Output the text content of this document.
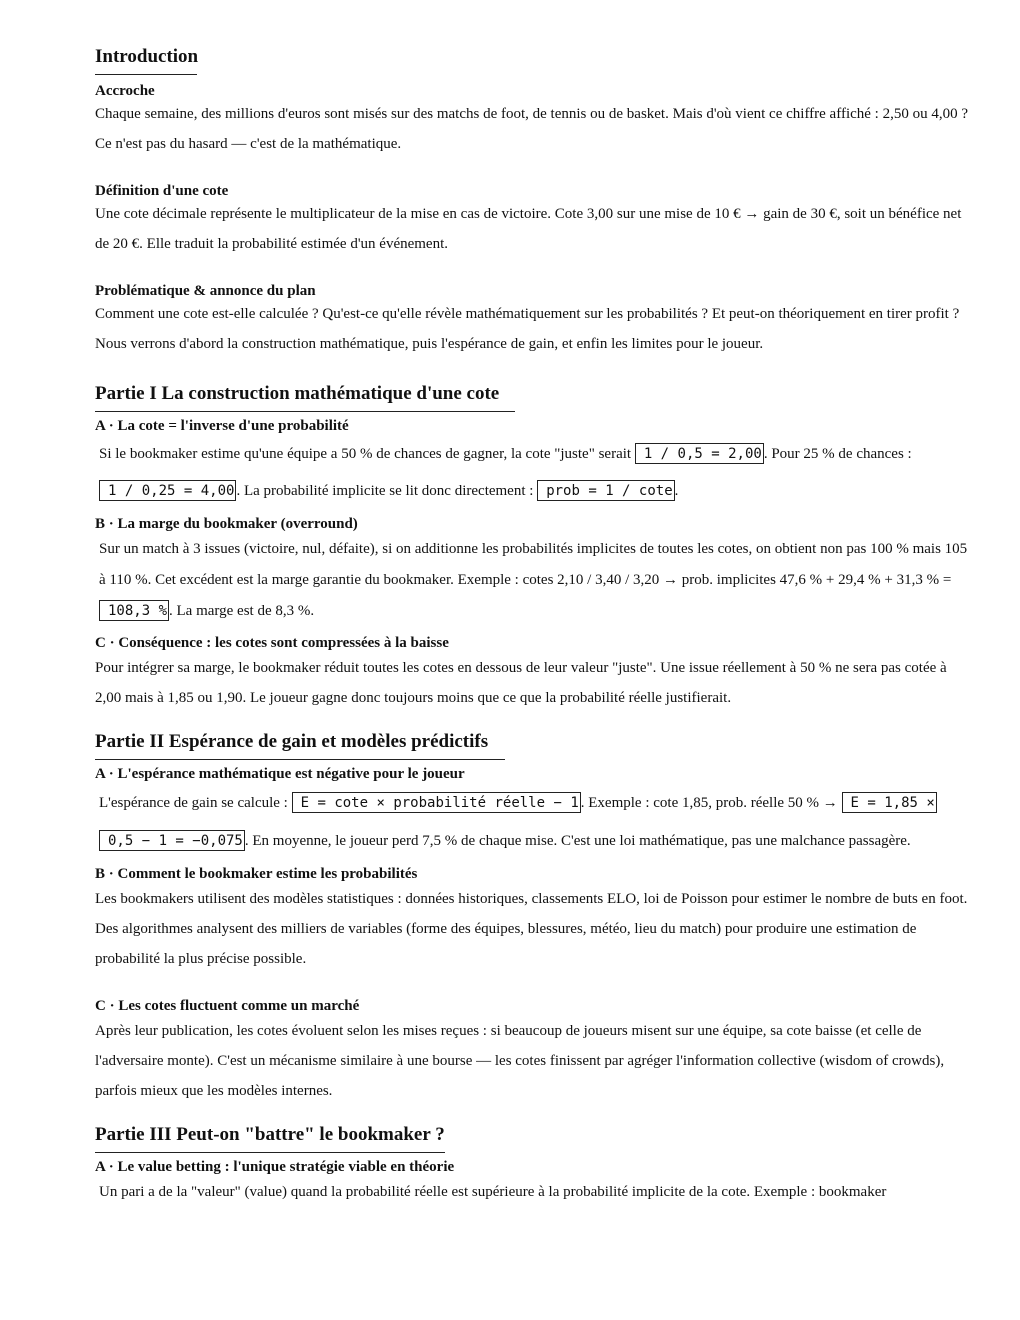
Introduction

Accroche

Chaque semaine, des millions d'euros sont misés sur des matchs de foot, de tennis ou de basket. Mais d'où vient ce chiffre affiché : 2,50 ou 4,00 ? Ce n'est pas du hasard — c'est de la mathématique.

Définition d'une cote

Une cote décimale représente le multiplicateur de la mise en cas de victoire. Cote 3,00 sur une mise de 10 € → gain de 30 €, soit un bénéfice net de 20 €. Elle traduit la probabilité estimée d'un événement.

Problématique & annonce du plan

Comment une cote est-elle calculée ? Qu'est-ce qu'elle révèle mathématiquement sur les probabilités ? Et peut-on théoriquement en tirer profit ? Nous verrons d'abord la construction mathématique, puis l'espérance de gain, et enfin les limites pour le joueur.

Partie I La construction mathématique d'une cote

A · La cote = l'inverse d'une probabilité

Si le bookmaker estime qu'une équipe a 50 % de chances de gagner, la cote "juste" serait 1 / 0,5 = 2,00 . Pour 25 % de chances : 1 / 0,25 = 4,00 . La probabilité implicite se lit donc directement : prob = 1 / cote .

B · La marge du bookmaker (overround)

Sur un match à 3 issues (victoire, nul, défaite), si on additionne les probabilités implicites de toutes les cotes, on obtient non pas 100 % mais 105 à 110 %. Cet excédent est la marge garantie du bookmaker. Exemple : cotes 2,10 / 3,40 / 3,20 → prob. implicites 47,6 % + 29,4 % + 31,3 % = 108,3 % . La marge est de 8,3 %.

C · Conséquence : les cotes sont compressées à la baisse

Pour intégrer sa marge, le bookmaker réduit toutes les cotes en dessous de leur valeur "juste". Une issue réellement à 50 % ne sera pas cotée à 2,00 mais à 1,85 ou 1,90. Le joueur gagne donc toujours moins que ce que la probabilité réelle justifierait.

Partie II Espérance de gain et modèles prédictifs

A · L'espérance mathématique est négative pour le joueur

L'espérance de gain se calcule : E = cote × probabilité réelle − 1 . Exemple : cote 1,85, prob. réelle 50 % → E = 1,85 ×
0,5 − 1 = −0,075 . En moyenne, le joueur perd 7,5 % de chaque mise. C'est une loi mathématique, pas une malchance passagère.

B · Comment le bookmaker estime les probabilités

Les bookmakers utilisent des modèles statistiques : données historiques, classements ELO, loi de Poisson pour estimer le nombre de buts en foot. Des algorithmes analysent des milliers de variables (forme des équipes, blessures, météo, lieu du match) pour produire une estimation de probabilité la plus précise possible.

C · Les cotes fluctuent comme un marché

Après leur publication, les cotes évoluent selon les mises reçues : si beaucoup de joueurs misent sur une équipe, sa cote baisse (et celle de l'adversaire monte). C'est un mécanisme similaire à une bourse — les cotes finissent par agréger l'information collective (wisdom of crowds), parfois mieux que les modèles internes.

Partie III Peut-on "battre" le bookmaker ?

A · Le value betting : l'unique stratégie viable en théorie

Un pari a de la "valeur" (value) quand la probabilité réelle est supérieure à la probabilité implicite de la cote. Exemple : bookmaker
